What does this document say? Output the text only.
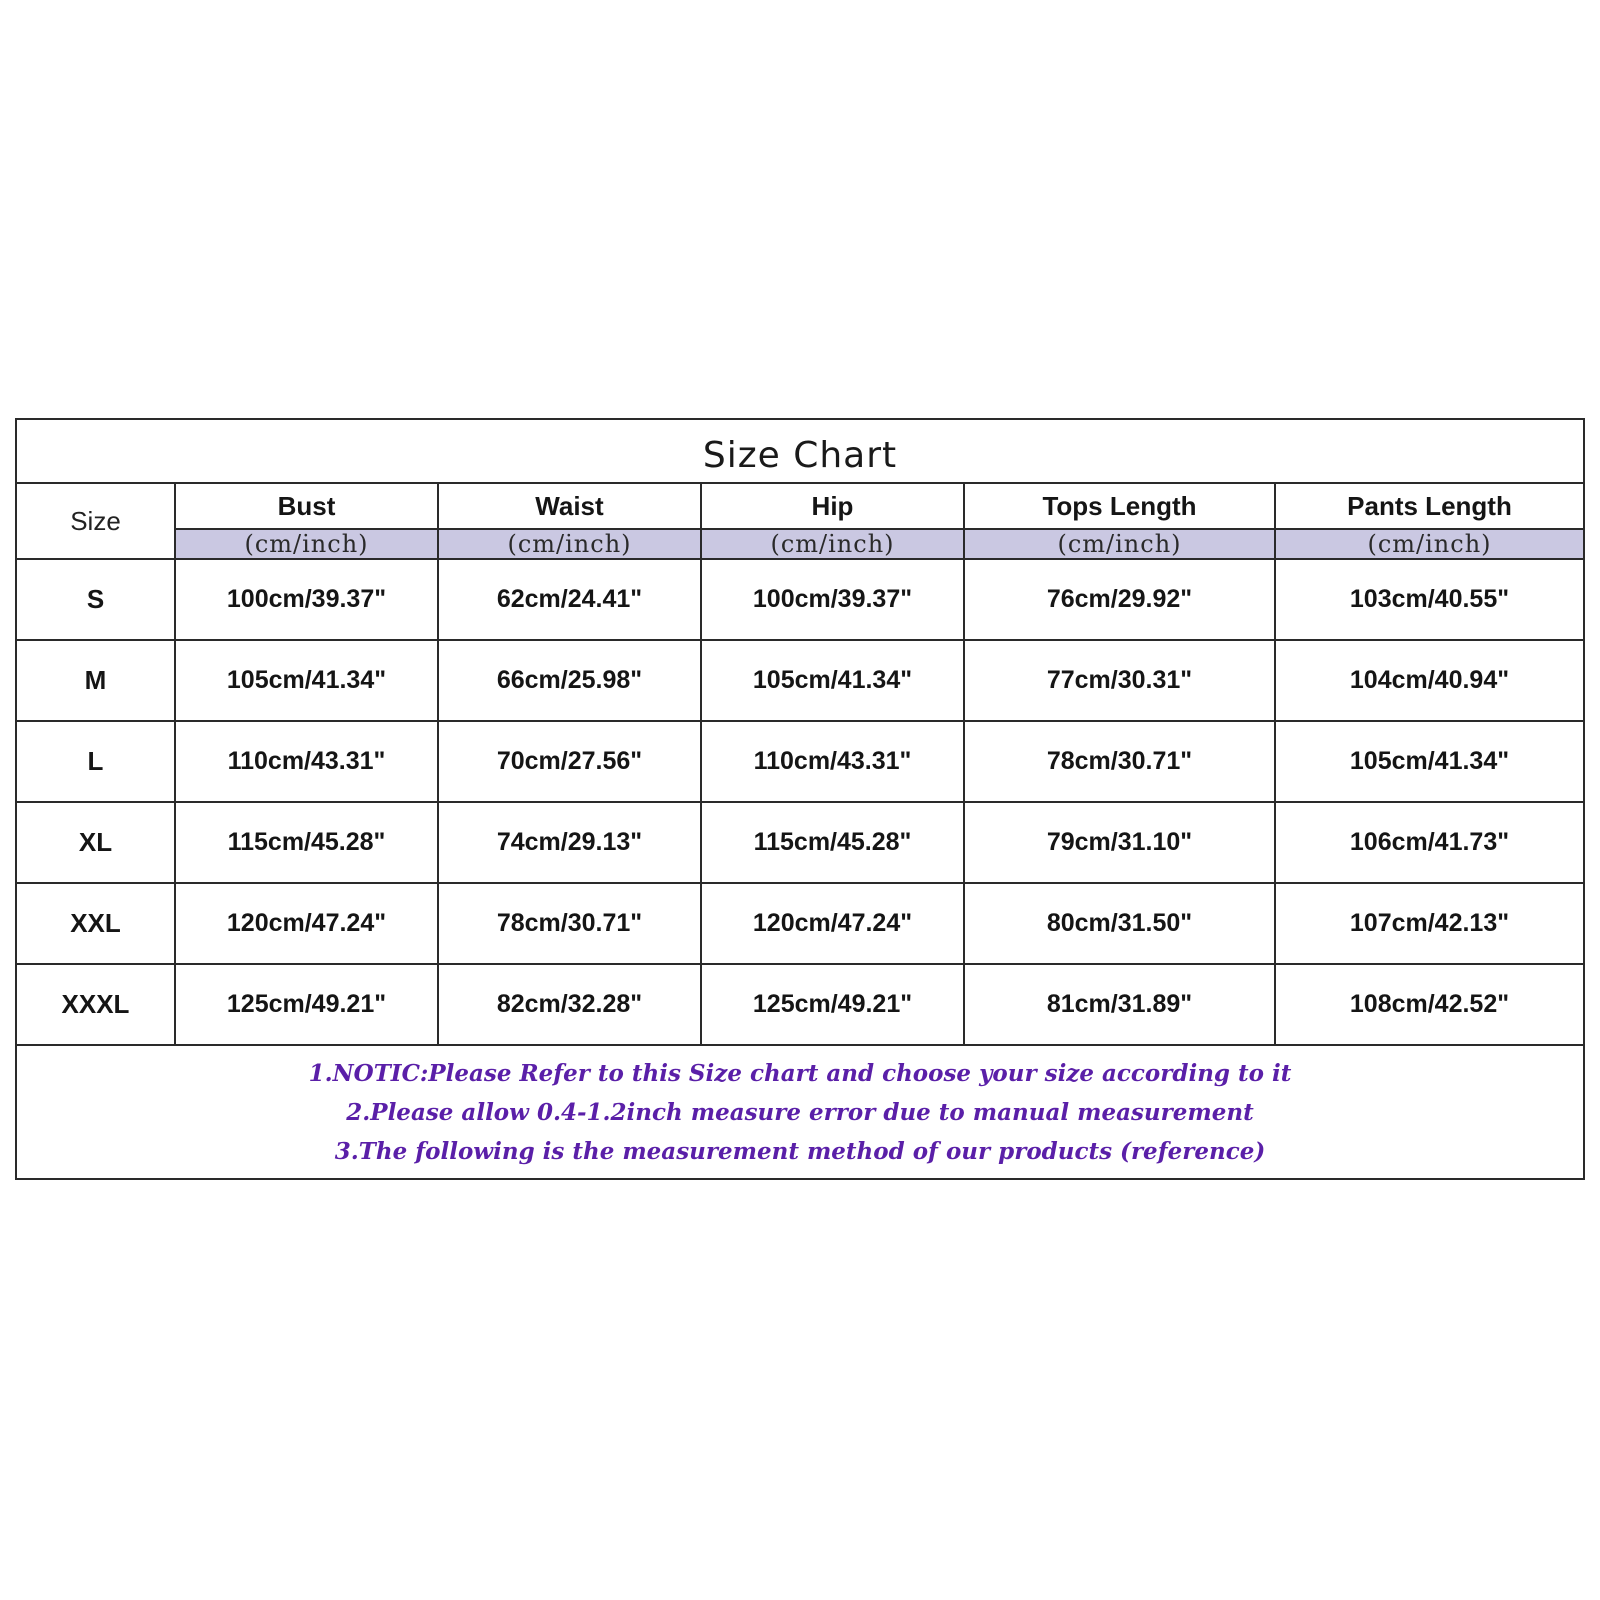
Size Chart
Size	Bust	Waist	Hip	Tops Length	Pants Length
	(cm/inch)	(cm/inch)	(cm/inch)	(cm/inch)	(cm/inch)
S	100cm/39.37"	62cm/24.41"	100cm/39.37"	76cm/29.92"	103cm/40.55"
M	105cm/41.34"	66cm/25.98"	105cm/41.34"	77cm/30.31"	104cm/40.94"
L	110cm/43.31"	70cm/27.56"	110cm/43.31"	78cm/30.71"	105cm/41.34"
XL	115cm/45.28"	74cm/29.13"	115cm/45.28"	79cm/31.10"	106cm/41.73"
XXL	120cm/47.24"	78cm/30.71"	120cm/47.24"	80cm/31.50"	107cm/42.13"
XXXL	125cm/49.21"	82cm/32.28"	125cm/49.21"	81cm/31.89"	108cm/42.52"
1.NOTIC:Please Refer to this Size chart and choose your size according to it
2.Please allow 0.4-1.2inch measure error due to manual measurement
3.The following is the measurement method of our products (reference)
